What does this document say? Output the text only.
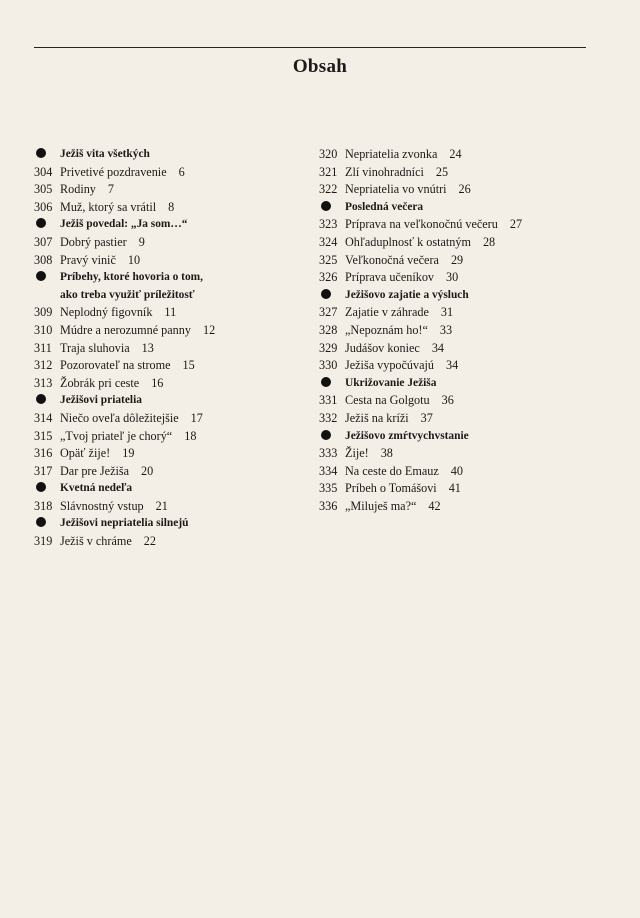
Obsah
Ježiš vita všetkých
304 Privetivé pozdravenie 6
305 Rodiny 7
306 Muž, ktorý sa vrátil 8
Ježiš povedal: „Ja som…“
307 Dobrý pastier 9
308 Pravý vinič 10
Príbehy, ktoré hovoria o tom,
ako treba využiť príležitosť
309 Neplodný figovník 11
310 Múdre a nerozumné panny 12
311 Traja sluhovia 13
312 Pozorovateľ na strome 15
313 Žobrák pri ceste 16
Ježišovi priatelia
314 Niečo oveľa dôležitejšie 17
315 „Tvoj priateľ je chorý“ 18
316 Opäť žije! 19
317 Dar pre Ježiša 20
Kvetná nedeľa
318 Slávnostný vstup 21
Ježišovi nepriatelia silnejú
319 Ježiš v chráme 22
320 Nepriatelia zvonka 24
321 Zlí vinohradníci 25
322 Nepriatelia vo vnútri 26
Posledná večera
323 Príprava na veľkonočnú večeru 27
324 Ohľaduplnosť k ostatným 28
325 Veľkonočná večera 29
326 Príprava učeníkov 30
Ježišovo zajatie a výsluch
327 Zajatie v záhrade 31
328 „Nepoznám ho!“ 33
329 Judášov koniec 34
330 Ježiša vypočúvajú 34
Ukrižovanie Ježiša
331 Cesta na Golgotu 36
332 Ježiš na kríži 37
Ježišovo zmŕtvychvstanie
333 Žije! 38
334 Na ceste do Emauz 40
335 Príbeh o Tomášovi 41
336 „Miluješ ma?“ 42
